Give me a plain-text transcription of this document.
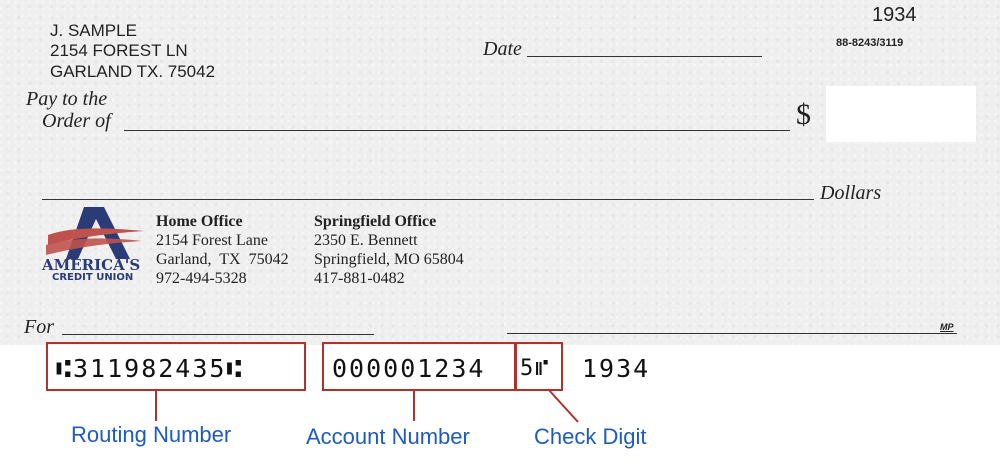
J. SAMPLE
2154 FOREST LN
GARLAND TX. 75042
1934
88-8243/3119
Date
Pay to the
Order of	$
Dollars
AMERICA'S
CREDIT UNION
Home Office
2154 Forest Lane
Garland,  TX  75042
972-494-5328
Springfield Office
2350 E. Bennett
Springfield, MO 65804
417-881-0482
For	MP
⑆311982435⑆	000001234 5⑈ 1934
Routing Number	Account Number	Check Digit
